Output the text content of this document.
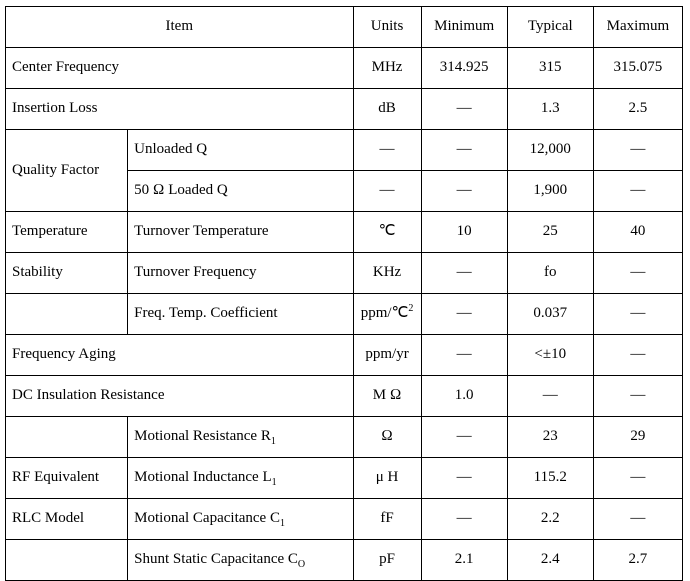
Item		Units	Minimum	Typical	Maximum
Center Frequency		MHz	314.925	315	315.075
Insertion Loss		dB	—	1.3	2.5
Quality Factor	Unloaded Q	—	—	12,000	—
	50 Ω Loaded Q	—	—	1,900	—
Temperature	Turnover Temperature	℃	10	25	40
Stability	Turnover Frequency	KHz	—	fo	—
	Freq. Temp. Coefficient	ppm/℃$^2$	—	0.037	—
Frequency Aging		ppm/yr	—	<±10	—
DC Insulation Resistance		M Ω	1.0	—	—
	Motional Resistance $R_1$	Ω	—	23	29
RF Equivalent	Motional Inductance $L_1$	μ H	—	115.2	—
RLC Model	Motional Capacitance $C_1$	fF	—	2.2	—
	Shunt Static Capacitance $C_O$	pF	2.1	2.4	2.7
